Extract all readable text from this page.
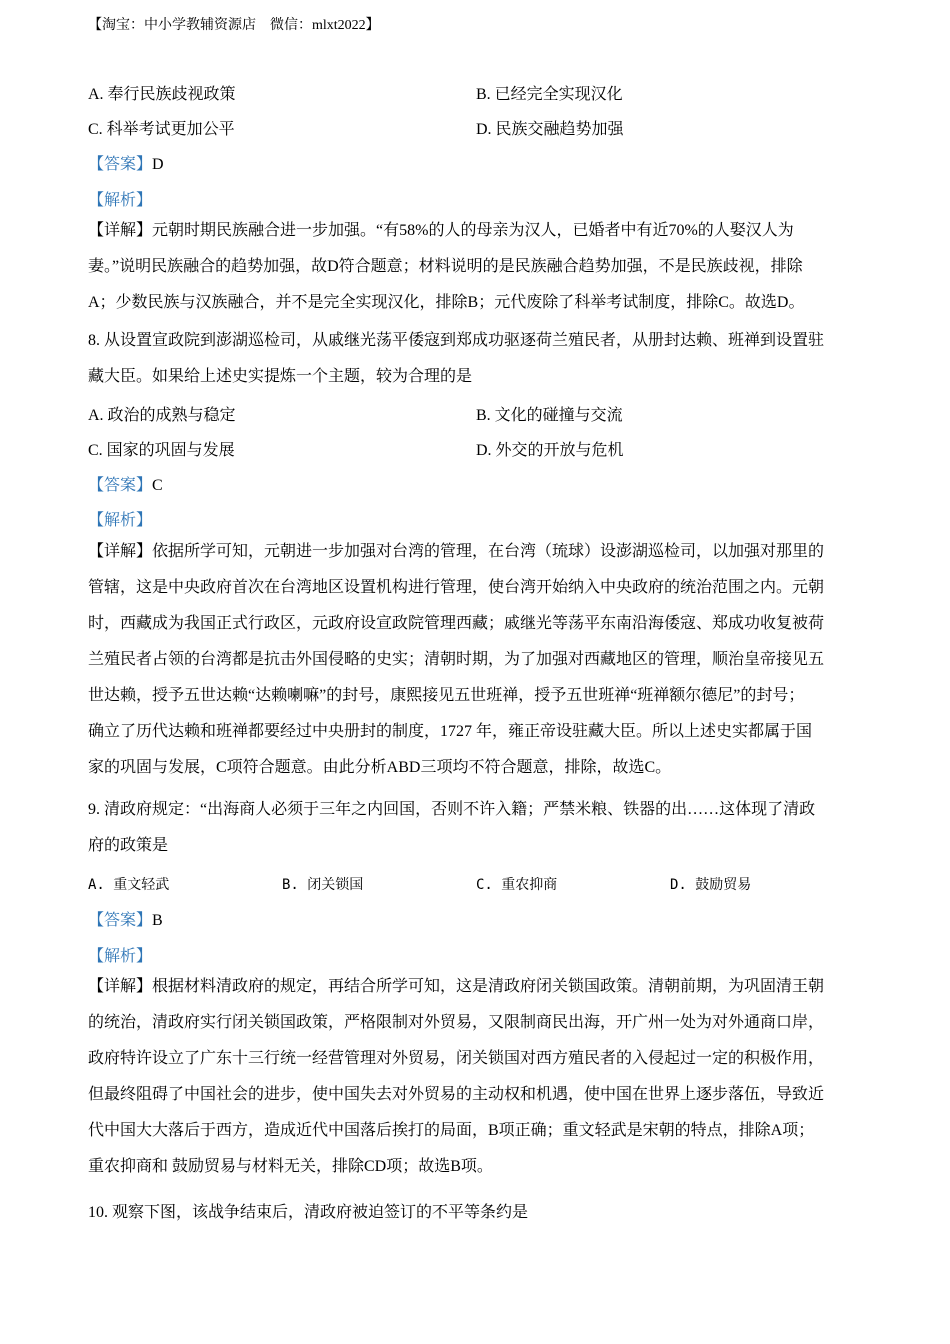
【淘宝：中小学教辅资源店　微信：mlxt2022】
A. 奉行民族歧视政策	B. 已经完全实现汉化
C. 科举考试更加公平	D. 民族交融趋势加强
【答案】D
【解析】
【详解】元朝时期民族融合进一步加强。“有58%的人的母亲为汉人，已婚者中有近70%的人娶汉人为
妻。”说明民族融合的趋势加强，故D符合题意；材料说明的是民族融合趋势加强，不是民族歧视，排除
A；少数民族与汉族融合，并不是完全实现汉化，排除B；元代废除了科举考试制度，排除C。故选D。
8. 从设置宣政院到澎湖巡检司，从戚继光荡平倭寇到郑成功驱逐荷兰殖民者，从册封达赖、班禅到设置驻
藏大臣。如果给上述史实提炼一个主题，较为合理的是
A. 政治的成熟与稳定	B. 文化的碰撞与交流
C. 国家的巩固与发展	D. 外交的开放与危机
【答案】C
【解析】
【详解】依据所学可知，元朝进一步加强对台湾的管理，在台湾（琉球）设澎湖巡检司，以加强对那里的
管辖，这是中央政府首次在台湾地区设置机构进行管理，使台湾开始纳入中央政府的统治范围之内。元朝
时，西藏成为我国正式行政区，元政府设宣政院管理西藏；戚继光等荡平东南沿海倭寇、郑成功收复被荷
兰殖民者占领的台湾都是抗击外国侵略的史实；清朝时期，为了加强对西藏地区的管理，顺治皇帝接见五
世达赖，授予五世达赖“达赖喇嘛”的封号，康熙接见五世班禅，授予五世班禅“班禅额尔德尼”的封号；
确立了历代达赖和班禅都要经过中央册封的制度，1727 年，雍正帝设驻藏大臣。所以上述史实都属于国
家的巩固与发展，C项符合题意。由此分析ABD三项均不符合题意，排除，故选C。
9. 清政府规定：“出海商人必须于三年之内回国，否则不许入籍；严禁米粮、铁器的出……这体现了清政
府的政策是
A. 重文轻武	B. 闭关锁国	C. 重农抑商	D. 鼓励贸易
【答案】B
【解析】
【详解】根据材料清政府的规定，再结合所学可知，这是清政府闭关锁国政策。清朝前期，为巩固清王朝
的统治，清政府实行闭关锁国政策，严格限制对外贸易，又限制商民出海，开广州一处为对外通商口岸，
政府特许设立了广东十三行统一经营管理对外贸易，闭关锁国对西方殖民者的入侵起过一定的积极作用，
但最终阻碍了中国社会的进步，使中国失去对外贸易的主动权和机遇，使中国在世界上逐步落伍，导致近
代中国大大落后于西方，造成近代中国落后挨打的局面，B项正确；重文轻武是宋朝的特点，排除A项；
重农抑商和 鼓励贸易与材料无关，排除CD项；故选B项。
10. 观察下图，该战争结束后，清政府被迫签订的不平等条约是
